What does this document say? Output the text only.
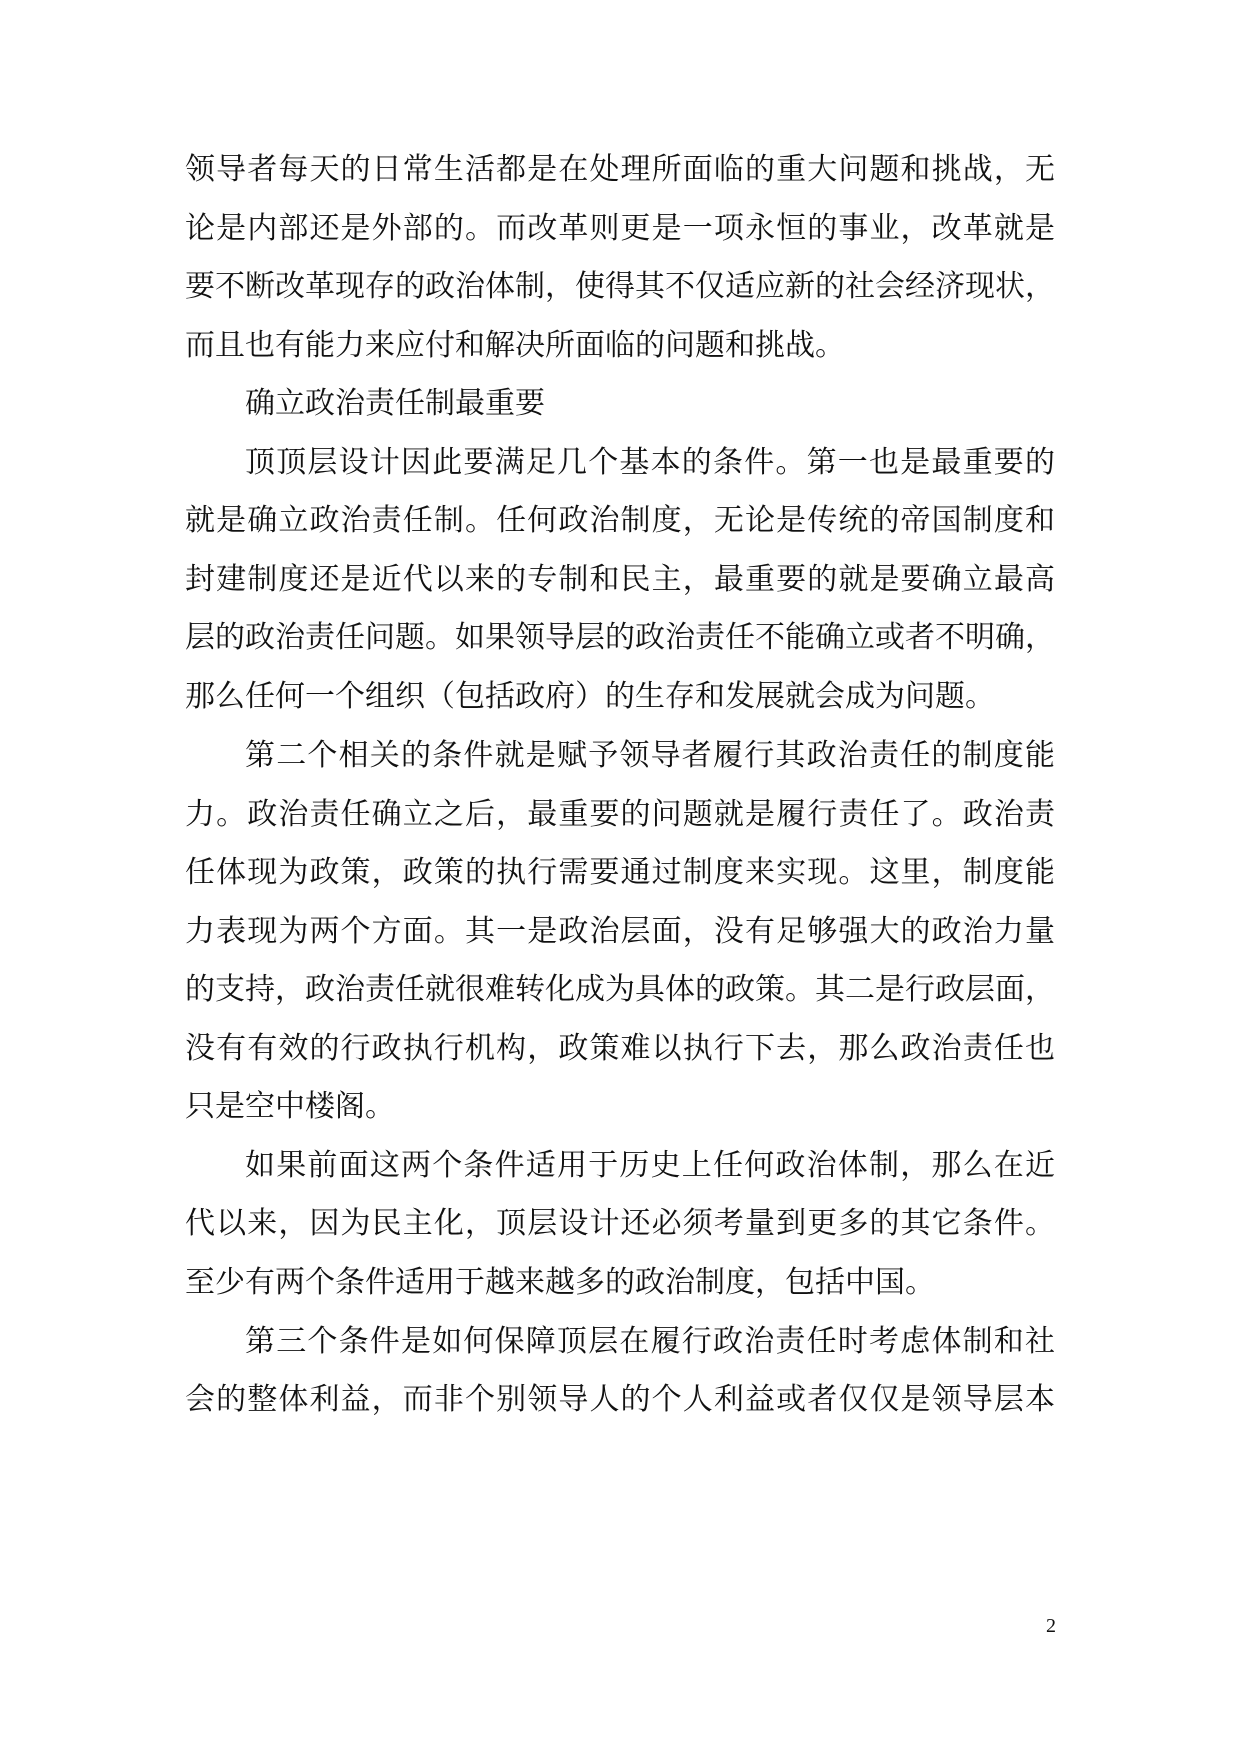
领导者每天的日常生活都是在处理所面临的重大问题和挑战，无
论是内部还是外部的。而改革则更是一项永恒的事业，改革就是
要不断改革现存的政治体制，使得其不仅适应新的社会经济现状，
而且也有能力来应付和解决所面临的问题和挑战。
确立政治责任制最重要
顶顶层设计因此要满足几个基本的条件。第一也是最重要的
就是确立政治责任制。任何政治制度，无论是传统的帝国制度和
封建制度还是近代以来的专制和民主，最重要的就是要确立最高
层的政治责任问题。如果领导层的政治责任不能确立或者不明确，
那么任何一个组织（包括政府）的生存和发展就会成为问题。
第二个相关的条件就是赋予领导者履行其政治责任的制度能
力。政治责任确立之后，最重要的问题就是履行责任了。政治责
任体现为政策，政策的执行需要通过制度来实现。这里，制度能
力表现为两个方面。其一是政治层面，没有足够强大的政治力量
的支持，政治责任就很难转化成为具体的政策。其二是行政层面，
没有有效的行政执行机构，政策难以执行下去，那么政治责任也
只是空中楼阁。
如果前面这两个条件适用于历史上任何政治体制，那么在近
代以来，因为民主化，顶层设计还必须考量到更多的其它条件。
至少有两个条件适用于越来越多的政治制度，包括中国。
第三个条件是如何保障顶层在履行政治责任时考虑体制和社
会的整体利益，而非个别领导人的个人利益或者仅仅是领导层本
2
